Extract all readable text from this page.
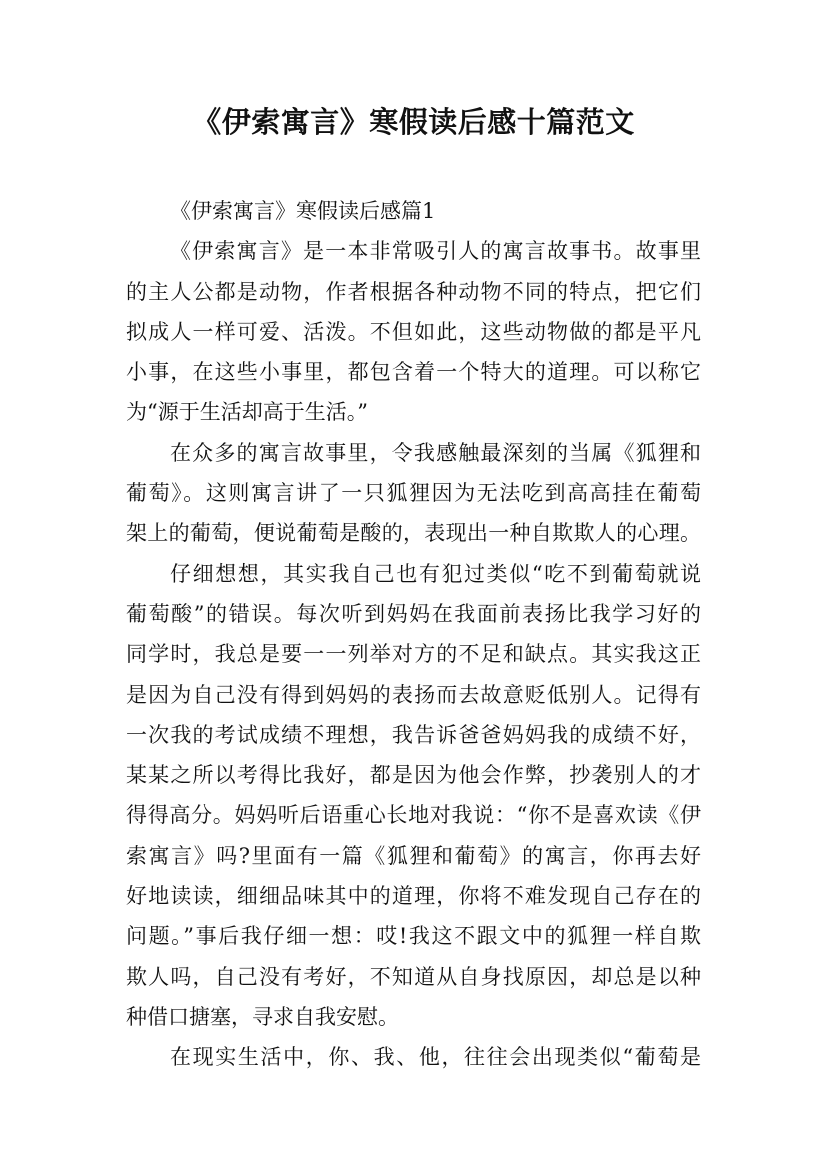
《伊索寓言》寒假读后感十篇范文
《伊索寓言》寒假读后感篇1
《伊索寓言》是一本非常吸引人的寓言故事书。故事里
的主人公都是动物，作者根据各种动物不同的特点，把它们
拟成人一样可爱、活泼。不但如此，这些动物做的都是平凡
小事，在这些小事里，都包含着一个特大的道理。可以称它
为“源于生活却高于生活。”
在众多的寓言故事里，令我感触最深刻的当属《狐狸和
葡萄》。这则寓言讲了一只狐狸因为无法吃到高高挂在葡萄
架上的葡萄，便说葡萄是酸的，表现出一种自欺欺人的心理。
仔细想想，其实我自己也有犯过类似“吃不到葡萄就说
葡萄酸”的错误。每次听到妈妈在我面前表扬比我学习好的
同学时，我总是要一一列举对方的不足和缺点。其实我这正
是因为自己没有得到妈妈的表扬而去故意贬低别人。记得有
一次我的考试成绩不理想，我告诉爸爸妈妈我的成绩不好，
某某之所以考得比我好，都是因为他会作弊，抄袭别人的才
得得高分。妈妈听后语重心长地对我说：“你不是喜欢读《伊
索寓言》吗?里面有一篇《狐狸和葡萄》的寓言，你再去好
好地读读，细细品味其中的道理，你将不难发现自己存在的
问题。”事后我仔细一想：哎!我这不跟文中的狐狸一样自欺
欺人吗，自己没有考好，不知道从自身找原因，却总是以种
种借口搪塞，寻求自我安慰。
在现实生活中，你、我、他，往往会出现类似“葡萄是
